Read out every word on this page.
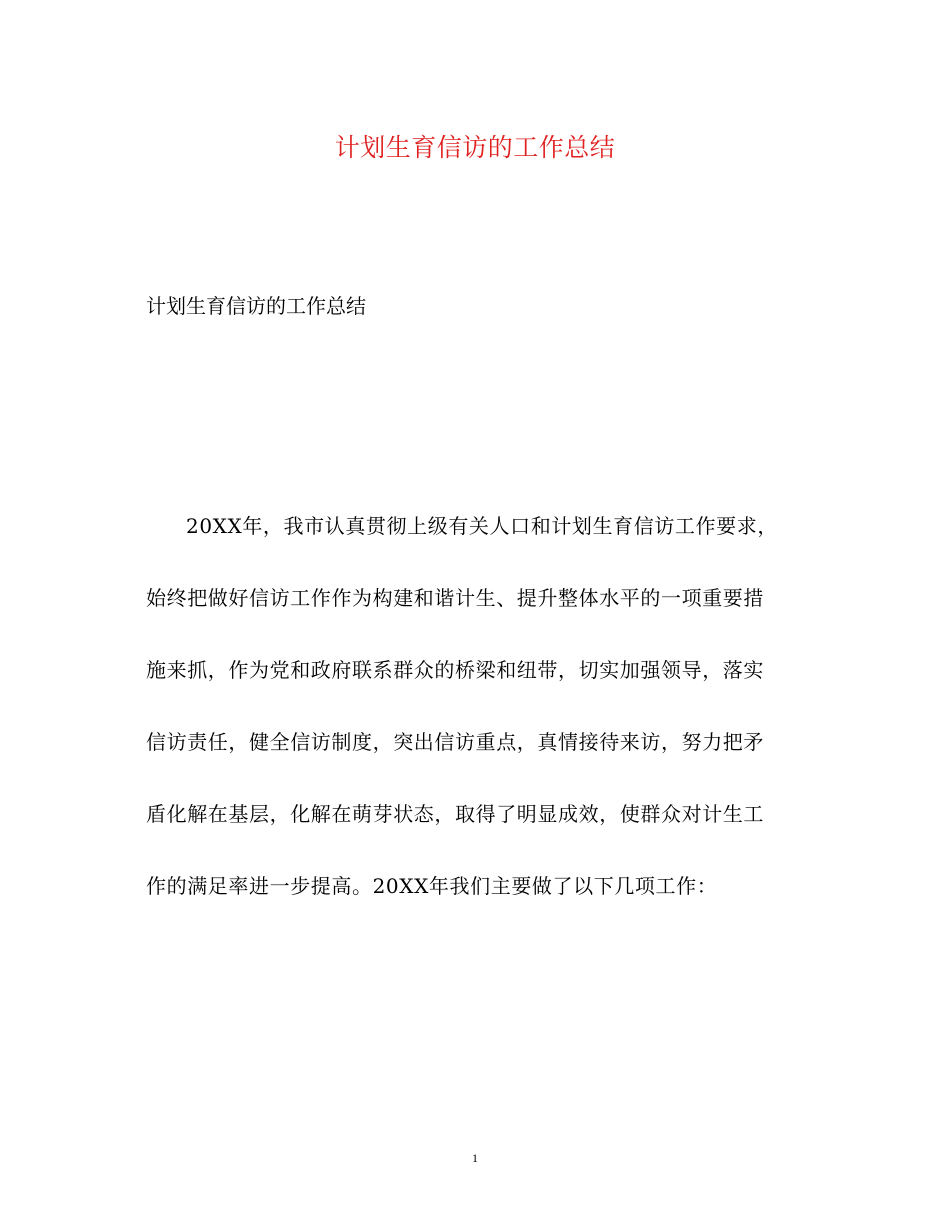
计划生育信访的工作总结

计划生育信访的工作总结

20XX年，我市认真贯彻上级有关人口和计划生育信访工作要求，
始终把做好信访工作作为构建和谐计生、提升整体水平的一项重要措
施来抓，作为党和政府联系群众的桥梁和纽带，切实加强领导，落实
信访责任，健全信访制度，突出信访重点，真情接待来访，努力把矛
盾化解在基层，化解在萌芽状态，取得了明显成效，使群众对计生工
作的满足率进一步提高。20XX年我们主要做了以下几项工作：

1
